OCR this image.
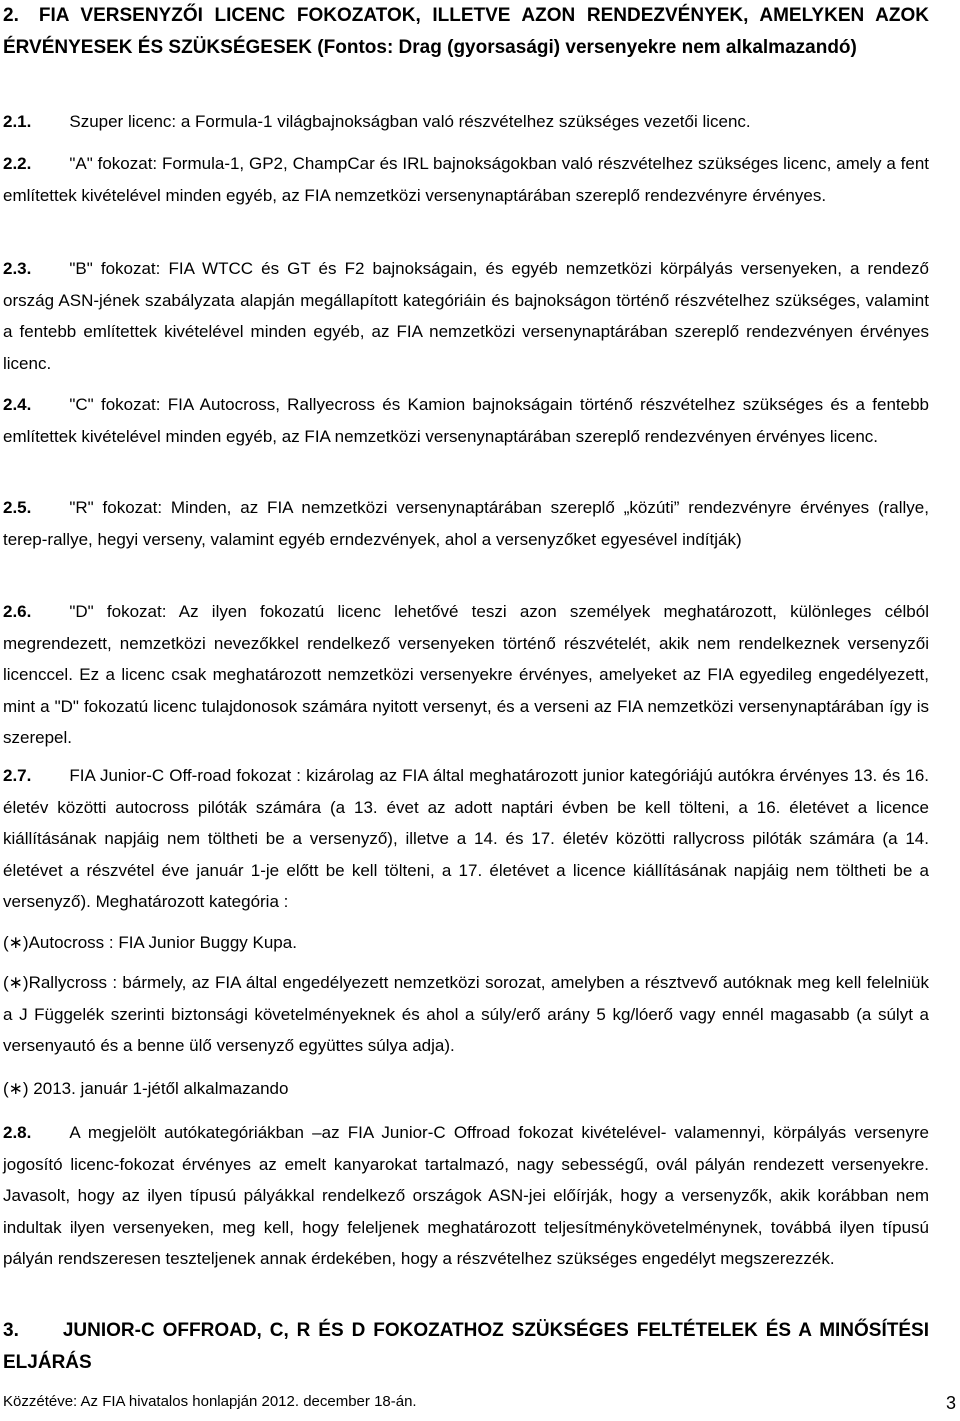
2. FIA VERSENYZŐI LICENC FOKOZATOK, ILLETVE AZON RENDEZVÉNYEK, AMELYKEN AZOK ÉRVÉNYESEK ÉS SZÜKSÉGESEK (Fontos: Drag (gyorsasági) versenyekre nem alkalmazandó)

2.1. Szuper licenc: a Formula-1 világbajnokságban való részvételhez szükséges vezetői licenc.

2.2. "A" fokozat: Formula-1, GP2, ChampCar és IRL bajnokságokban való részvételhez szükséges licenc, amely a fent említettek kivételével minden egyéb, az FIA nemzetközi versenynaptárában szereplő rendezvényre érvényes.

2.3. "B" fokozat: FIA WTCC és GT és F2 bajnokságain, és egyéb nemzetközi körpályás versenyeken, a rendező ország ASN-jének szabályzata alapján megállapított kategóriáin és bajnokságon történő részvételhez szükséges, valamint a fentebb említettek kivételével minden egyéb, az FIA nemzetközi versenynaptárában szereplő rendezvényen érvényes licenc.

2.4. "C" fokozat: FIA Autocross, Rallyecross és Kamion bajnokságain történő részvételhez szükséges és a fentebb említettek kivételével minden egyéb, az FIA nemzetközi versenynaptárában szereplő rendezvényen érvényes licenc.

2.5. "R" fokozat: Minden, az FIA nemzetközi versenynaptárában szereplő „közúti” rendezvényre érvényes (rallye, terep-rallye, hegyi verseny, valamint egyéb erndezvények, ahol a versenyzőket egyesével indítják)

2.6. "D" fokozat: Az ilyen fokozatú licenc lehetővé teszi azon személyek meghatározott, különleges célból megrendezett, nemzetközi nevezőkkel rendelkező versenyeken történő részvételét, akik nem rendelkeznek versenyzői licenccel. Ez a licenc csak meghatározott nemzetközi versenyekre érvényes, amelyeket az FIA egyedileg engedélyezett, mint a "D" fokozatú licenc tulajdonosok számára nyitott versenyt, és a verseni az FIA nemzetközi versenynaptárában így is szerepel.

2.7. FIA Junior-C Off-road fokozat : kizárolag az FIA által meghatározott junior kategóriájú autókra érvényes 13. és 16. életév közötti autocross pilóták számára (a 13. évet az adott naptári évben be kell tölteni, a 16. életévet a licence kiállításának napjáig nem töltheti be a versenyző), illetve a 14. és 17. életév közötti rallycross pilóták számára (a 14. életévet a részvétel éve január 1-je előtt be kell tölteni, a 17. életévet a licence kiállításának napjáig nem töltheti be a versenyző). Meghatározott kategória :

(∗)Autocross : FIA Junior Buggy Kupa.

(∗)Rallycross : bármely, az FIA által engedélyezett nemzetközi sorozat, amelyben a résztvevő autóknak meg kell felelniük a J Függelék szerinti biztonsági követelményeknek és ahol a súly/erő arány 5 kg/lóerő vagy ennél magasabb (a súlyt a versenyautó és a benne ülő versenyző együttes súlya adja).

(∗) 2013. január 1-jétől alkalmazando

2.8. A megjelölt autókategóriákban –az FIA Junior-C Offroad fokozat kivételével- valamennyi, körpályás versenyre jogosító licenc-fokozat érvényes az emelt kanyarokat tartalmazó, nagy sebességű, ovál pályán rendezett versenyekre. Javasolt, hogy az ilyen típusú pályákkal rendelkező országok ASN-jei előírják, hogy a versenyzők, akik korábban nem indultak ilyen versenyeken, meg kell, hogy feleljenek meghatározott teljesítménykövetelménynek, továbbá ilyen típusú pályán rendszeresen teszteljenek annak érdekében, hogy a részvételhez szükséges engedélyt megszerezzék.

3. JUNIOR-C OFFROAD, C, R ÉS D FOKOZATHOZ SZÜKSÉGES FELTÉTELEK ÉS A MINŐSÍTÉSI ELJÁRÁS

Közzétéve: Az FIA hivatalos honlapján 2012. december 18-án.	3
